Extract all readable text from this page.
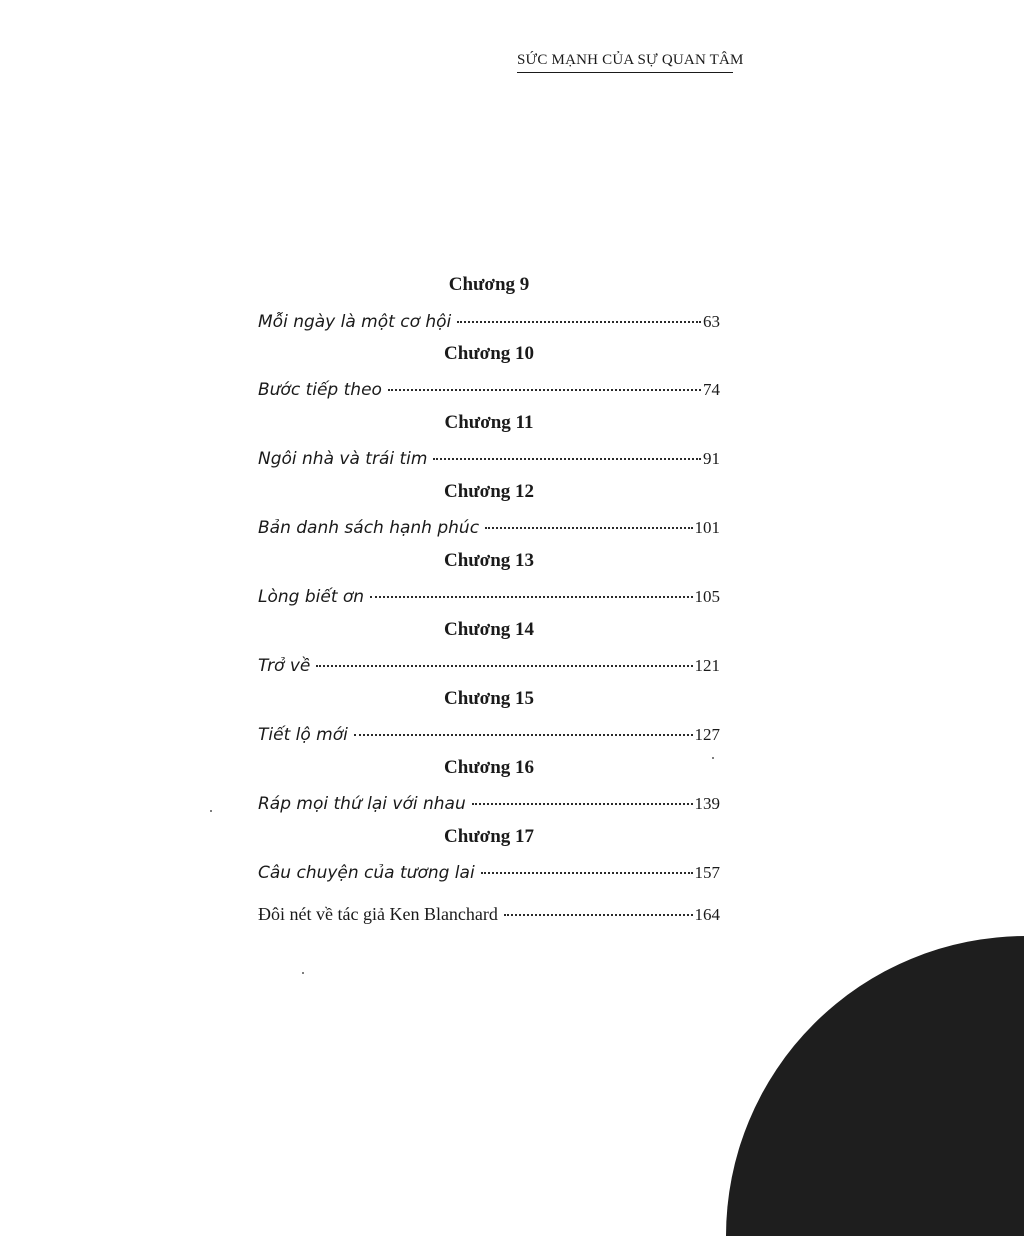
SỨC MẠNH CỦA SỰ QUAN TÂM
Chương 9
Mỗi ngày là một cơ hội	63
Chương 10
Bước tiếp theo	74
Chương 11
Ngôi nhà và trái tim	91
Chương 12
Bản danh sách hạnh phúc	101
Chương 13
Lòng biết ơn	105
Chương 14
Trở về	121
Chương 15
Tiết lộ mới	127
Chương 16
Ráp mọi thứ lại với nhau	139
Chương 17
Câu chuyện của tương lai	157
Đôi nét về tác giả Ken Blanchard	164
167
